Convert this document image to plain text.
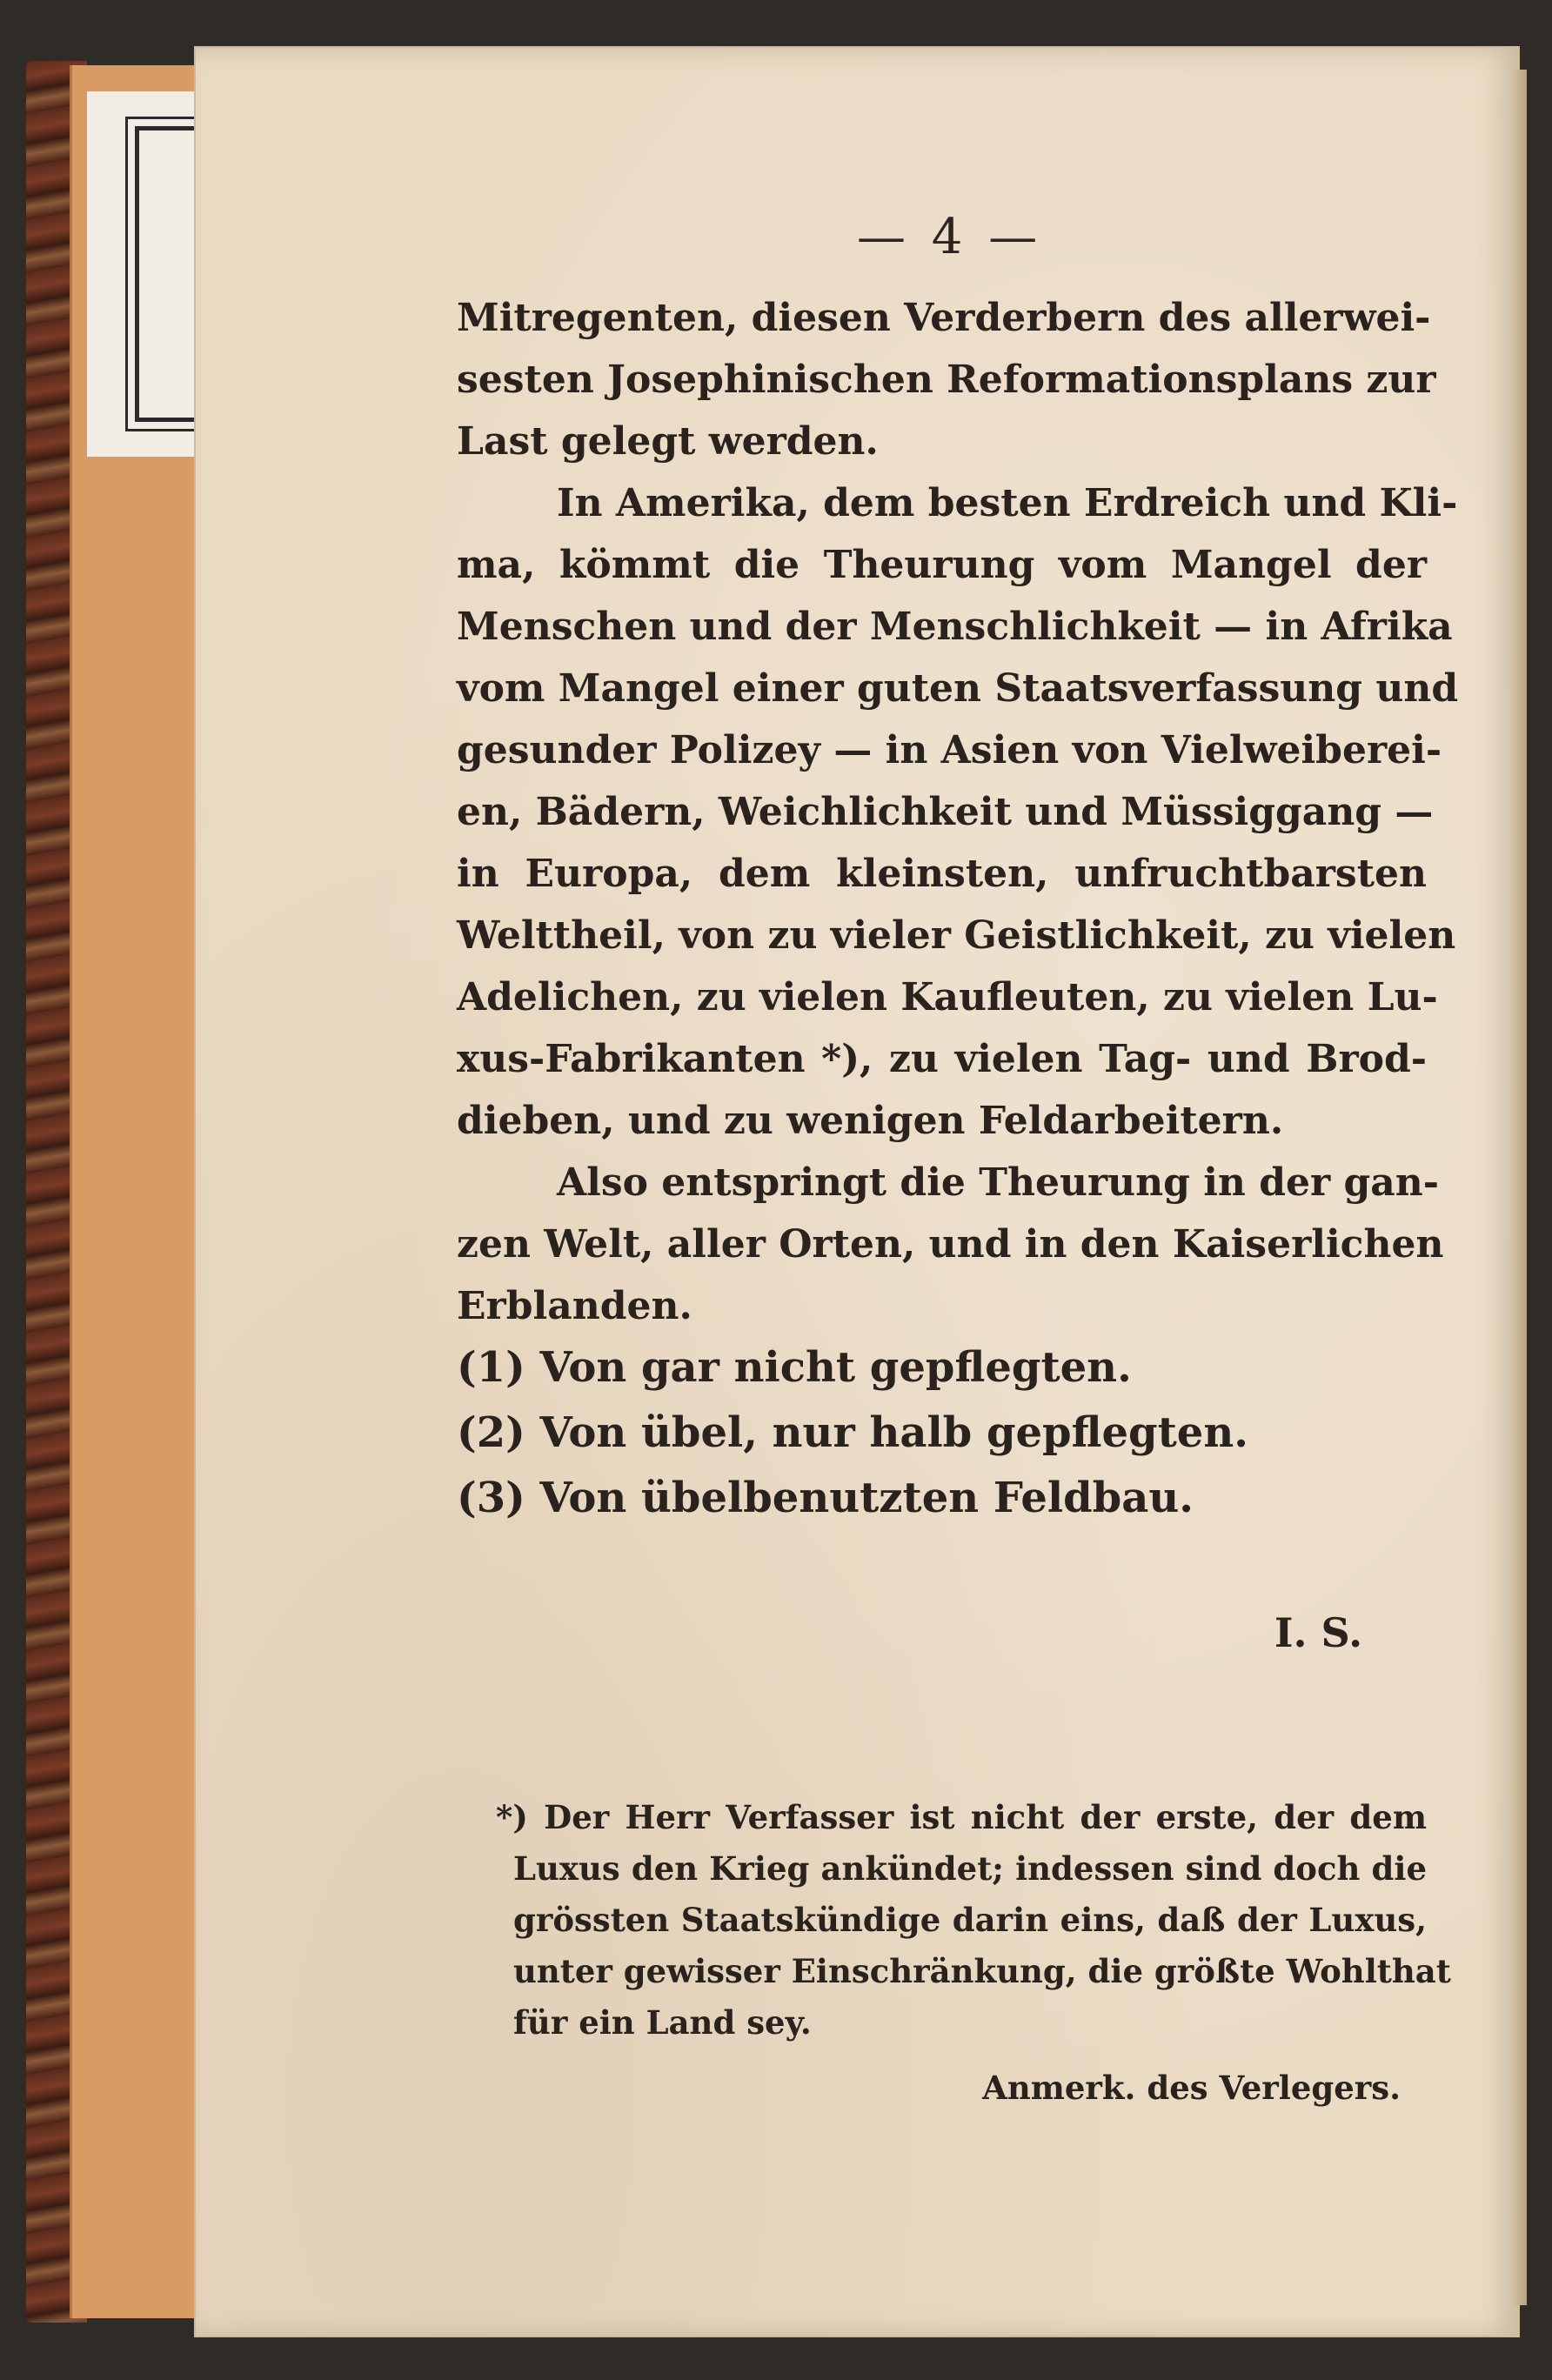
— 4 —
Mitregenten, diesen Verderbern des allerwei-
sesten Josephinischen Reformationsplans zur
Last gelegt werden.
In Amerika, dem besten Erdreich und Kli-
ma, kömmt die Theurung vom Mangel der
Menschen und der Menschlichkeit — in Afrika
vom Mangel einer guten Staatsverfassung und
gesunder Polizey — in Asien von Vielweiberei-
en, Bädern, Weichlichkeit und Müssiggang —
in Europa, dem kleinsten, unfruchtbarsten
Welttheil, von zu vieler Geistlichkeit, zu vielen
Adelichen, zu vielen Kaufleuten, zu vielen Lu-
xus-Fabrikanten *), zu vielen Tag- und Brod-
dieben, und zu wenigen Feldarbeitern.
Also entspringt die Theurung in der gan-
zen Welt, aller Orten, und in den Kaiserlichen
Erblanden.
(1) Von gar nicht gepflegten.
(2) Von übel, nur halb gepflegten.
(3) Von übelbenutzten Feldbau.
I. S.
*) Der Herr Verfasser ist nicht der erste, der dem
Luxus den Krieg ankündet; indessen sind doch die
grössten Staatskündige darin eins, daß der Luxus,
unter gewisser Einschränkung, die größte Wohlthat
für ein Land sey.
Anmerk. des Verlegers.
